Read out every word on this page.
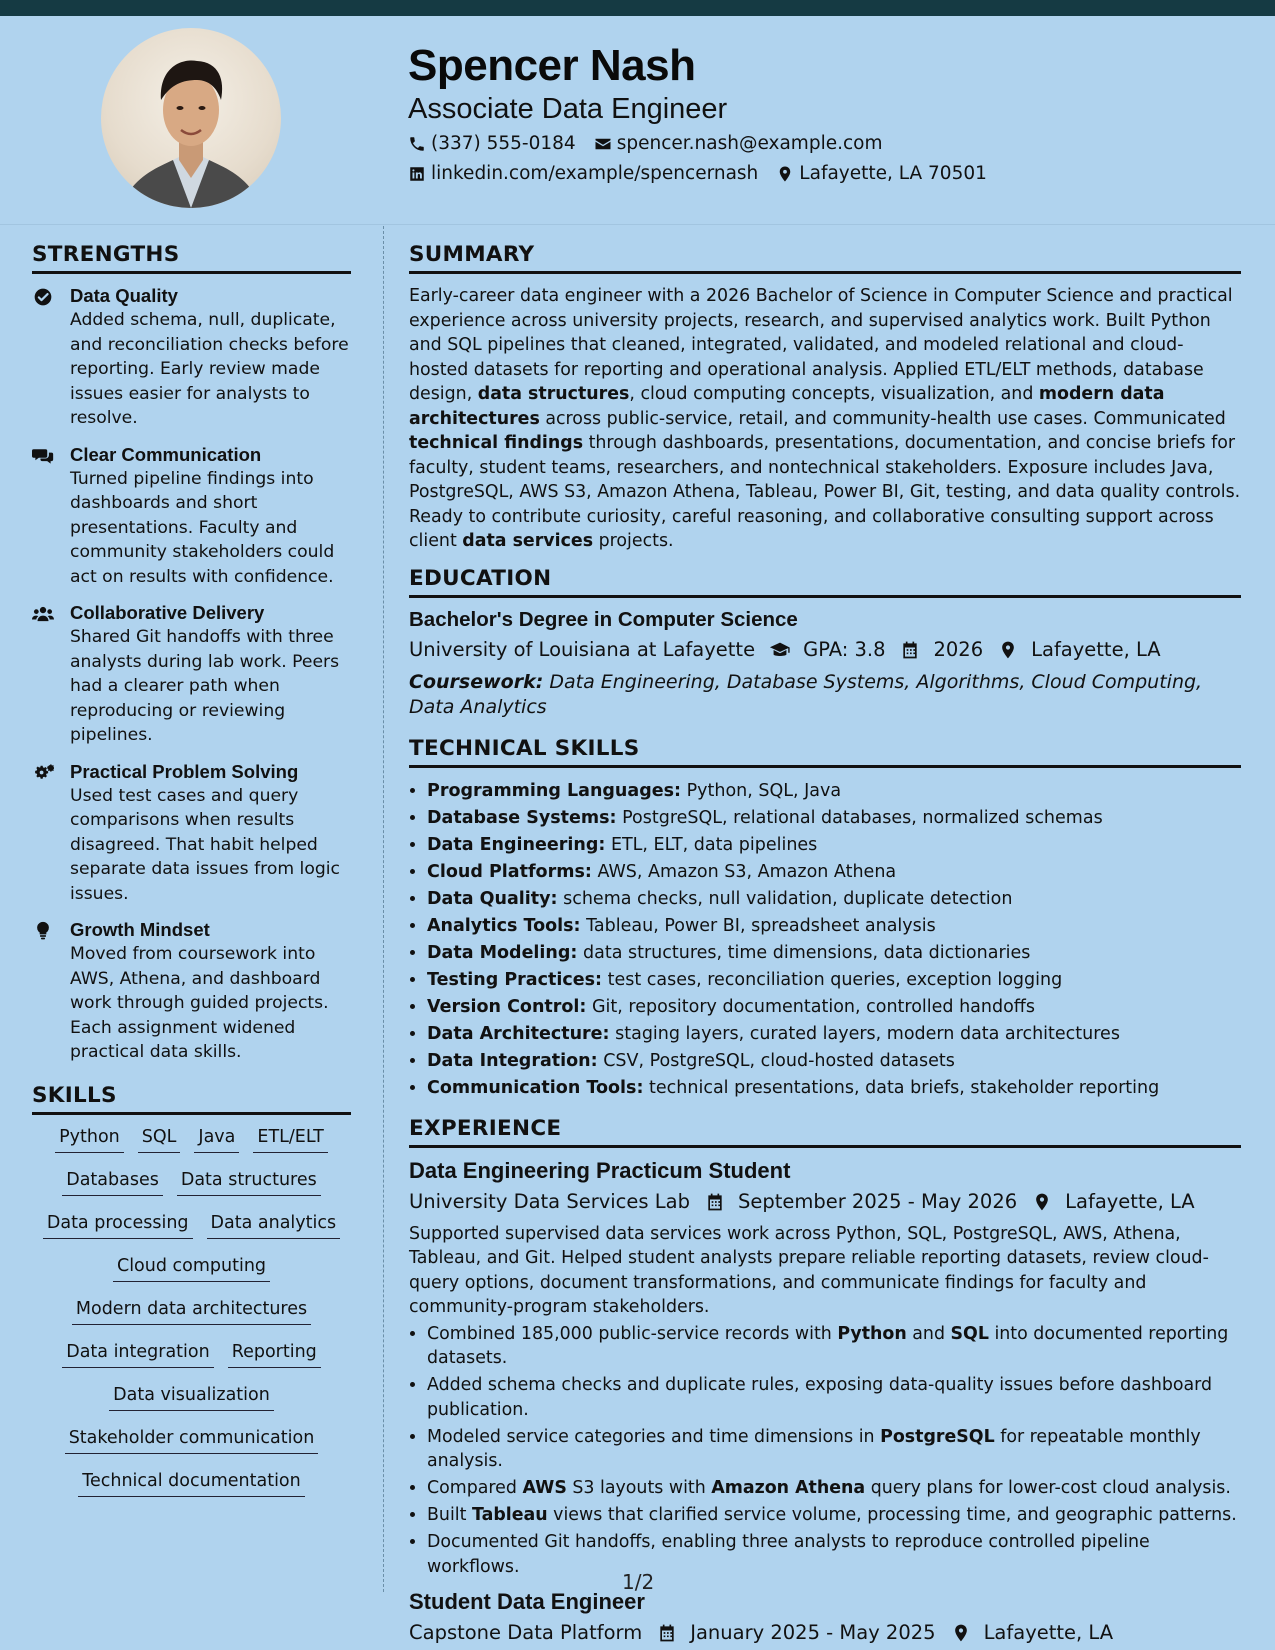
Spencer Nash
Associate Data Engineer
(337) 555-0184 spencer.nash@example.com
linkedin.com/example/spencernash Lafayette, LA 70501
STRENGTHS
Data Quality
Added schema, null, duplicate, and reconciliation checks before reporting. Early review made issues easier for analysts to resolve.
Clear Communication
Turned pipeline findings into dashboards and short presentations. Faculty and community stakeholders could act on results with confidence.
Collaborative Delivery
Shared Git handoffs with three analysts during lab work. Peers had a clearer path when reproducing or reviewing pipelines.
Practical Problem Solving
Used test cases and query comparisons when results disagreed. That habit helped separate data issues from logic issues.
Growth Mindset
Moved from coursework into AWS, Athena, and dashboard work through guided projects. Each assignment widened practical data skills.
SKILLS
Python SQL Java ETL/ELT
Databases Data structures
Data processing Data analytics
Cloud computing
Modern data architectures
Data integration Reporting
Data visualization
Stakeholder communication
Technical documentation
SUMMARY
Early-career data engineer with a 2026 Bachelor of Science in Computer Science and practical experience across university projects, research, and supervised analytics work. Built Python and SQL pipelines that cleaned, integrated, validated, and modeled relational and cloud-hosted datasets for reporting and operational analysis. Applied ETL/ELT methods, database design, data structures, cloud computing concepts, visualization, and modern data architectures across public-service, retail, and community-health use cases. Communicated technical findings through dashboards, presentations, documentation, and concise briefs for faculty, student teams, researchers, and nontechnical stakeholders. Exposure includes Java, PostgreSQL, AWS S3, Amazon Athena, Tableau, Power BI, Git, testing, and data quality controls. Ready to contribute curiosity, careful reasoning, and collaborative consulting support across client data services projects.
EDUCATION
Bachelor's Degree in Computer Science
University of Louisiana at Lafayette GPA: 3.8 2026 Lafayette, LA
Coursework: Data Engineering, Database Systems, Algorithms, Cloud Computing, Data Analytics
TECHNICAL SKILLS
• Programming Languages: Python, SQL, Java
• Database Systems: PostgreSQL, relational databases, normalized schemas
• Data Engineering: ETL, ELT, data pipelines
• Cloud Platforms: AWS, Amazon S3, Amazon Athena
• Data Quality: schema checks, null validation, duplicate detection
• Analytics Tools: Tableau, Power BI, spreadsheet analysis
• Data Modeling: data structures, time dimensions, data dictionaries
• Testing Practices: test cases, reconciliation queries, exception logging
• Version Control: Git, repository documentation, controlled handoffs
• Data Architecture: staging layers, curated layers, modern data architectures
• Data Integration: CSV, PostgreSQL, cloud-hosted datasets
• Communication Tools: technical presentations, data briefs, stakeholder reporting
EXPERIENCE
Data Engineering Practicum Student
University Data Services Lab September 2025 - May 2026 Lafayette, LA
Supported supervised data services work across Python, SQL, PostgreSQL, AWS, Athena, Tableau, and Git. Helped student analysts prepare reliable reporting datasets, review cloud-query options, document transformations, and communicate findings for faculty and community-program stakeholders.
• Combined 185,000 public-service records with Python and SQL into documented reporting datasets.
• Added schema checks and duplicate rules, exposing data-quality issues before dashboard publication.
• Modeled service categories and time dimensions in PostgreSQL for repeatable monthly analysis.
• Compared AWS S3 layouts with Amazon Athena query plans for lower-cost cloud analysis.
• Built Tableau views that clarified service volume, processing time, and geographic patterns.
• Documented Git handoffs, enabling three analysts to reproduce controlled pipeline workflows.
Student Data Engineer
Capstone Data Platform January 2025 - May 2025 Lafayette, LA
1/2
